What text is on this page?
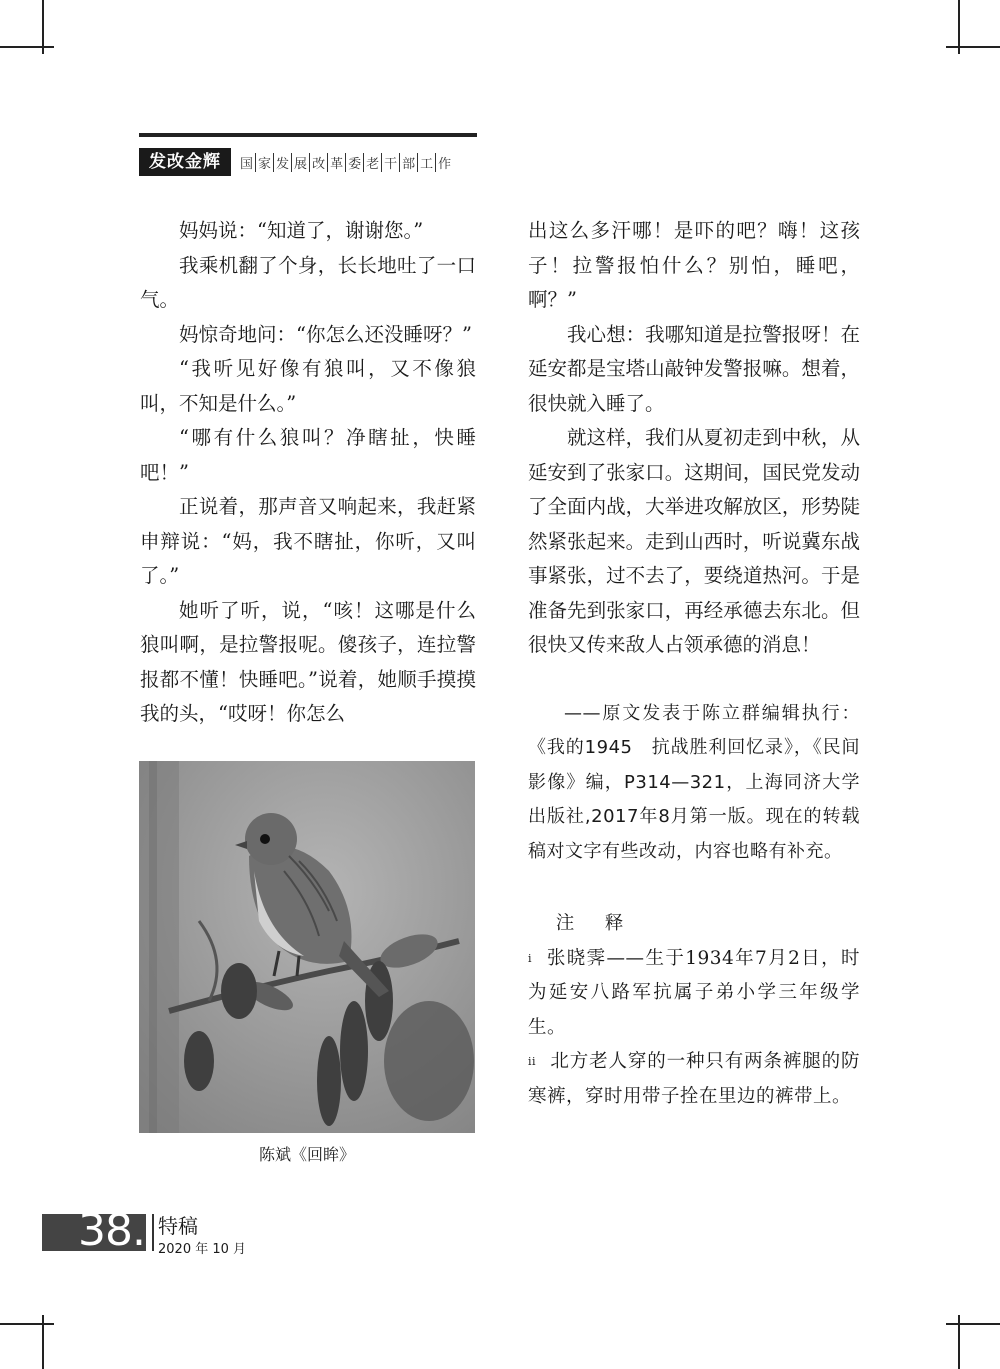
发改金辉	国 家 发 展 改 革 委 老 干 部 工 作

妈妈说：“知道了，谢谢您。”

我乘机翻了个身，长长地吐了一口气。

妈惊奇地问：“你怎么还没睡呀？”

“我听见好像有狼叫，又不像狼叫，不知是什么。”

“哪有什么狼叫？净瞎扯，快睡吧！”

正说着，那声音又响起来，我赶紧申辩说：“妈，我不瞎扯，你听，又叫了。”

她听了听，说，“咳！这哪是什么狼叫啊，是拉警报呢。傻孩子，连拉警报都不懂！快睡吧。”说着，她顺手摸摸我的头，“哎呀！你怎么

陈斌《回眸》

出这么多汗哪！是吓的吧？嗨！这孩子！拉警报怕什么？别怕，睡吧，啊？”

我心想：我哪知道是拉警报呀！在延安都是宝塔山敲钟发警报嘛。想着，很快就入睡了。

就这样，我们从夏初走到中秋，从延安到了张家口。这期间，国民党发动了全面内战，大举进攻解放区，形势陡然紧张起来。走到山西时，听说冀东战事紧张，过不去了，要绕道热河。于是准备先到张家口，再经承德去东北。但很快又传来敌人占领承德的消息！

——原文发表于陈立群编辑执行：《我的1945　抗战胜利回忆录》，《民间影像》编，P314—321，上海同济大学出版社,2017年8月第一版。现在的转载稿对文字有些改动，内容也略有补充。

注　释

$^i$ 张晓霁——生于1934年7月2日，时为延安八路军抗属子弟小学三年级学生。

$^{ii}$ 北方老人穿的一种只有两条裤腿的防寒裤，穿时用带子拴在里边的裤带上。

38. 特稿
2020 年 10 月
